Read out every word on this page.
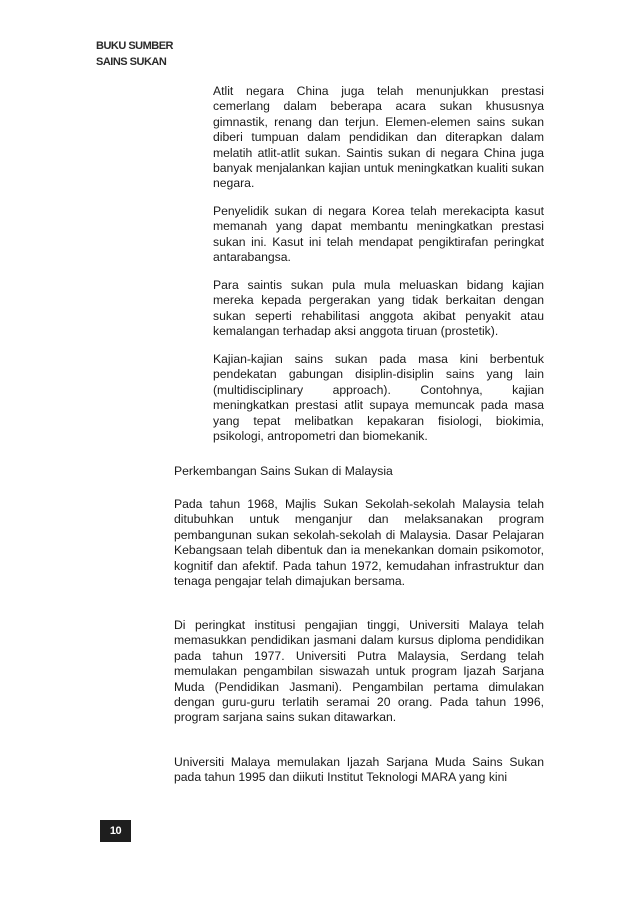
BUKU SUMBER
SAINS SUKAN

Atlit negara China juga telah menunjukkan prestasi cemerlang dalam beberapa acara sukan khususnya gimnastik, renang dan terjun. Elemen-elemen sains sukan diberi tumpuan dalam pendidikan dan diterapkan dalam melatih atlit-atlit sukan. Saintis sukan di negara China juga banyak menjalankan kajian untuk meningkatkan kualiti sukan negara.

Penyelidik sukan di negara Korea telah merekacipta kasut memanah yang dapat membantu meningkatkan prestasi sukan ini. Kasut ini telah mendapat pengiktirafan peringkat antarabangsa.

Para saintis sukan pula mula meluaskan bidang kajian mereka kepada pergerakan yang tidak berkaitan dengan sukan seperti rehabilitasi anggota akibat penyakit atau kemalangan terhadap aksi anggota tiruan (prostetik).

Kajian-kajian sains sukan pada masa kini berbentuk pendekatan gabungan disiplin-disiplin sains yang lain (multidisciplinary approach). Contohnya, kajian meningkatkan prestasi atlit supaya memuncak pada masa yang tepat melibatkan kepakaran fisiologi, biokimia, psikologi, antropometri dan biomekanik.

Perkembangan Sains Sukan di Malaysia

Pada tahun 1968, Majlis Sukan Sekolah-sekolah Malaysia telah ditubuhkan untuk menganjur dan melaksanakan program pembangunan sukan sekolah-sekolah di Malaysia. Dasar Pelajaran Kebangsaan telah dibentuk dan ia menekankan domain psikomotor, kognitif dan afektif. Pada tahun 1972, kemudahan infrastruktur dan tenaga pengajar telah dimajukan bersama.

Di peringkat institusi pengajian tinggi, Universiti Malaya telah memasukkan pendidikan jasmani dalam kursus diploma pendidikan pada tahun 1977. Universiti Putra Malaysia, Serdang telah memulakan pengambilan siswazah untuk program Ijazah Sarjana Muda (Pendidikan Jasmani). Pengambilan pertama dimulakan dengan guru-guru terlatih seramai 20 orang. Pada tahun 1996, program sarjana sains sukan ditawarkan.

Universiti Malaya memulakan Ijazah Sarjana Muda Sains Sukan pada tahun 1995 dan diikuti Institut Teknologi MARA yang kini

10
